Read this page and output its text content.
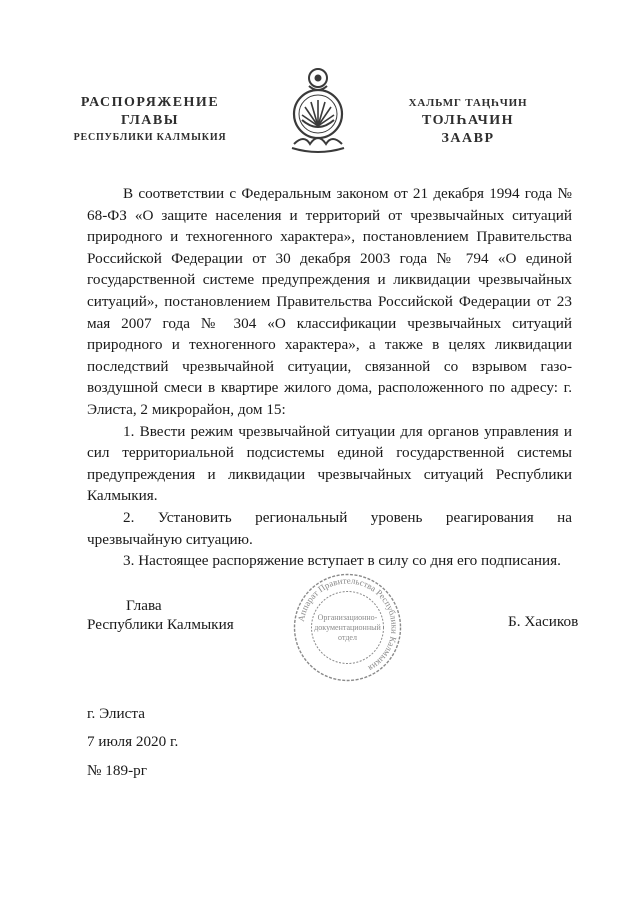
РАСПОРЯЖЕНИЕ
ГЛАВЫ
РЕСПУБЛИКИ КАЛМЫКИЯ
ХАЛЬМГ ТАҢҺЧИН
ТОЛҺАЧИН
ЗААВР

В соответствии с Федеральным законом от 21 декабря 1994 года № 68-ФЗ «О защите населения и территорий от чрезвычайных ситуаций природного и техногенного характера», постановлением Правительства Российской Федерации от 30 декабря 2003 года № 794 «О единой государственной системе предупреждения и ликвидации чрезвычайных ситуаций», постановлением Правительства Российской Федерации от 23 мая 2007 года № 304 «О классификации чрезвычайных ситуаций природного и техногенного характера», а также в целях ликвидации последствий чрезвычайной ситуации, связанной со взрывом газо-воздушной смеси в квартире жилого дома, расположенного по адресу: г. Элиста, 2 микрорайон, дом 15:

1. Ввести режим чрезвычайной ситуации для органов управления и сил территориальной подсистемы единой государственной системы предупреждения и ликвидации чрезвычайных ситуаций Республики Калмыкия.

2. Установить региональный уровень реагирования на чрезвычайную ситуацию.

3. Настоящее распоряжение вступает в силу со дня его подписания.

Глава
Республики Калмыкия	Аппарат Правительства Республики Калмыкия
Организационно-
документационный
отдел
Б. Хасиков
г. Элиста
7 июля 2020 г.
№ 189-рг
